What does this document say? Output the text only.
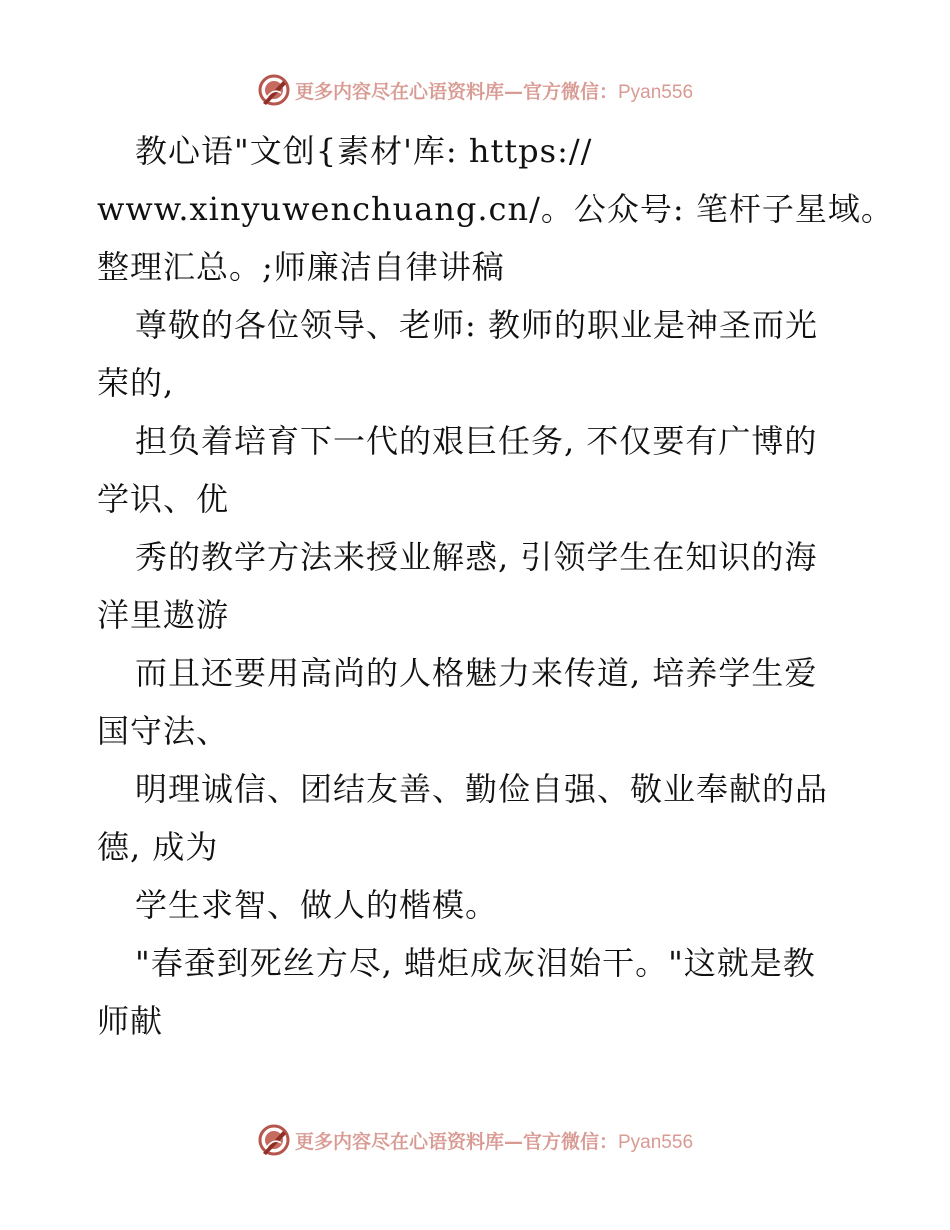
更多内容尽在心语资料库—官方微信：Pyan556
教心语"文创{素材'库: https://
www.xinyuwenchuang.cn/。公众号: 笔杆子星域。
整理汇总。;师廉洁自律讲稿
尊敬的各位领导、老师: 教师的职业是神圣而光
荣的,
担负着培育下一代的艰巨任务, 不仅要有广博的
学识、优
秀的教学方法来授业解惑, 引领学生在知识的海
洋里遨游
而且还要用高尚的人格魅力来传道, 培养学生爱
国守法、
明理诚信、团结友善、勤俭自强、敬业奉献的品
德, 成为
学生求智、做人的楷模。
"春蚕到死丝方尽, 蜡炬成灰泪始干。"这就是教
师献
更多内容尽在心语资料库—官方微信：Pyan556
